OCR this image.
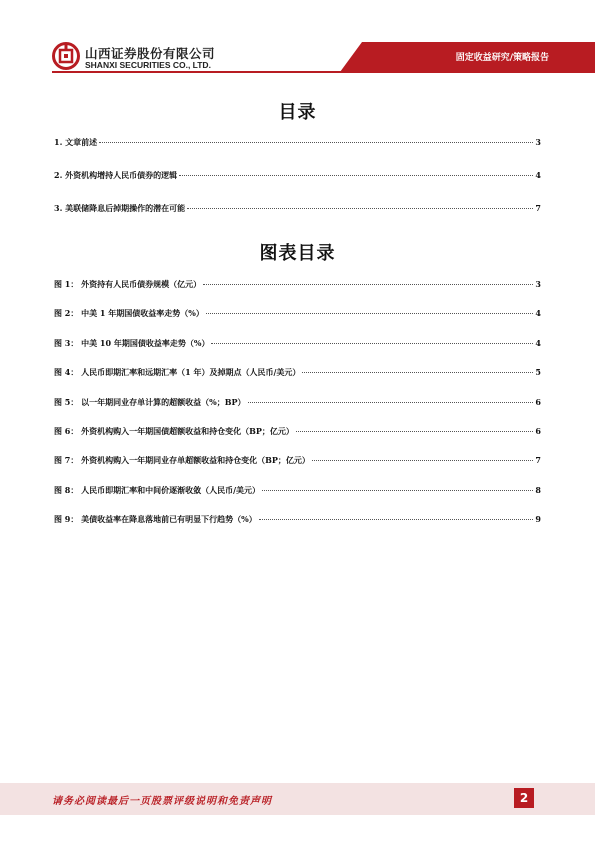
山西证券股份有限公司
SHANXI SECURITIES CO., LTD.
固定收益研究/策略报告
目录
1. 文章前述	3
2. 外资机构增持人民币债券的逻辑	4
3. 美联储降息后掉期操作的潜在可能	7
图表目录
图 1： 外资持有人民币债券规模（亿元）	3
图 2： 中美 1 年期国债收益率走势（%）	4
图 3： 中美 10 年期国债收益率走势（%）	4
图 4： 人民币即期汇率和远期汇率（1 年）及掉期点（人民币/美元）	5
图 5： 以一年期同业存单计算的超额收益（%；BP）	6
图 6： 外资机构购入一年期国债超额收益和持仓变化（BP；亿元）	6
图 7： 外资机构购入一年期同业存单超额收益和持仓变化（BP；亿元）	7
图 8： 人民币即期汇率和中间价逐渐收敛（人民币/美元）	8
图 9： 美债收益率在降息落地前已有明显下行趋势（%）	9
请务必阅读最后一页股票评级说明和免责声明	2
